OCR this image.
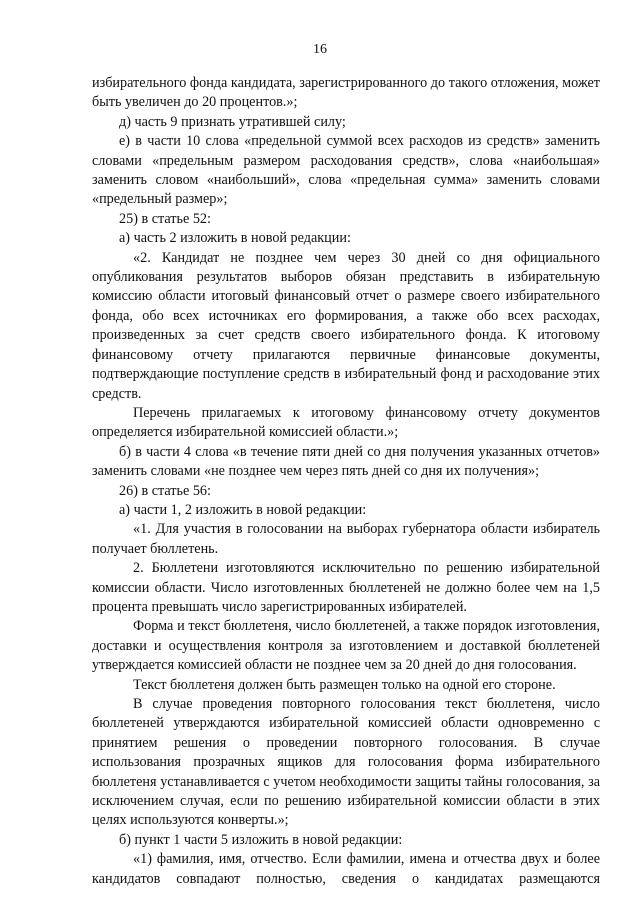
16

избирательного фонда кандидата, зарегистрированного до такого отложения, может быть увеличен до 20 процентов.»;

д) часть 9 признать утратившей силу;

е) в части 10 слова «предельной суммой всех расходов из средств» заменить словами «предельным размером расходования средств», слова «наибольшая» заменить словом «наибольший», слова «предельная сумма» заменить словами «предельный размер»;

25) в статье 52:

а) часть 2 изложить в новой редакции:

«2. Кандидат не позднее чем через 30 дней со дня официального опубликования результатов выборов обязан представить в избирательную комиссию области итоговый финансовый отчет о размере своего избирательного фонда, обо всех источниках его формирования, а также обо всех расходах, произведенных за счет средств своего избирательного фонда. К итоговому финансовому отчету прилагаются первичные финансовые документы, подтверждающие поступление средств в избирательный фонд и расходование этих средств.

Перечень прилагаемых к итоговому финансовому отчету документов определяется избирательной комиссией области.»;

б) в части 4 слова «в течение пяти дней со дня получения указанных отчетов» заменить словами «не позднее чем через пять дней со дня их получения»;

26) в статье 56:

а) части 1, 2 изложить в новой редакции:

«1. Для участия в голосовании на выборах губернатора области избиратель получает бюллетень.

2. Бюллетени изготовляются исключительно по решению избирательной комиссии области. Число изготовленных бюллетеней не должно более чем на 1,5 процента превышать число зарегистрированных избирателей.

Форма и текст бюллетеня, число бюллетеней, а также порядок изготовления, доставки и осуществления контроля за изготовлением и доставкой бюллетеней утверждается комиссией области не позднее чем за 20 дней до дня голосования.

Текст бюллетеня должен быть размещен только на одной его стороне.

В случае проведения повторного голосования текст бюллетеня, число бюллетеней утверждаются избирательной комиссией области одновременно с принятием решения о проведении повторного голосования. В случае использования прозрачных ящиков для голосования форма избирательного бюллетеня устанавливается с учетом необходимости защиты тайны голосования, за исключением случая, если по решению избирательной комиссии области в этих целях используются конверты.»;

б) пункт 1 части 5 изложить в новой редакции:

«1) фамилия, имя, отчество. Если фамилии, имена и отчества двух и более кандидатов совпадают полностью, сведения о кандидатах размещаются
